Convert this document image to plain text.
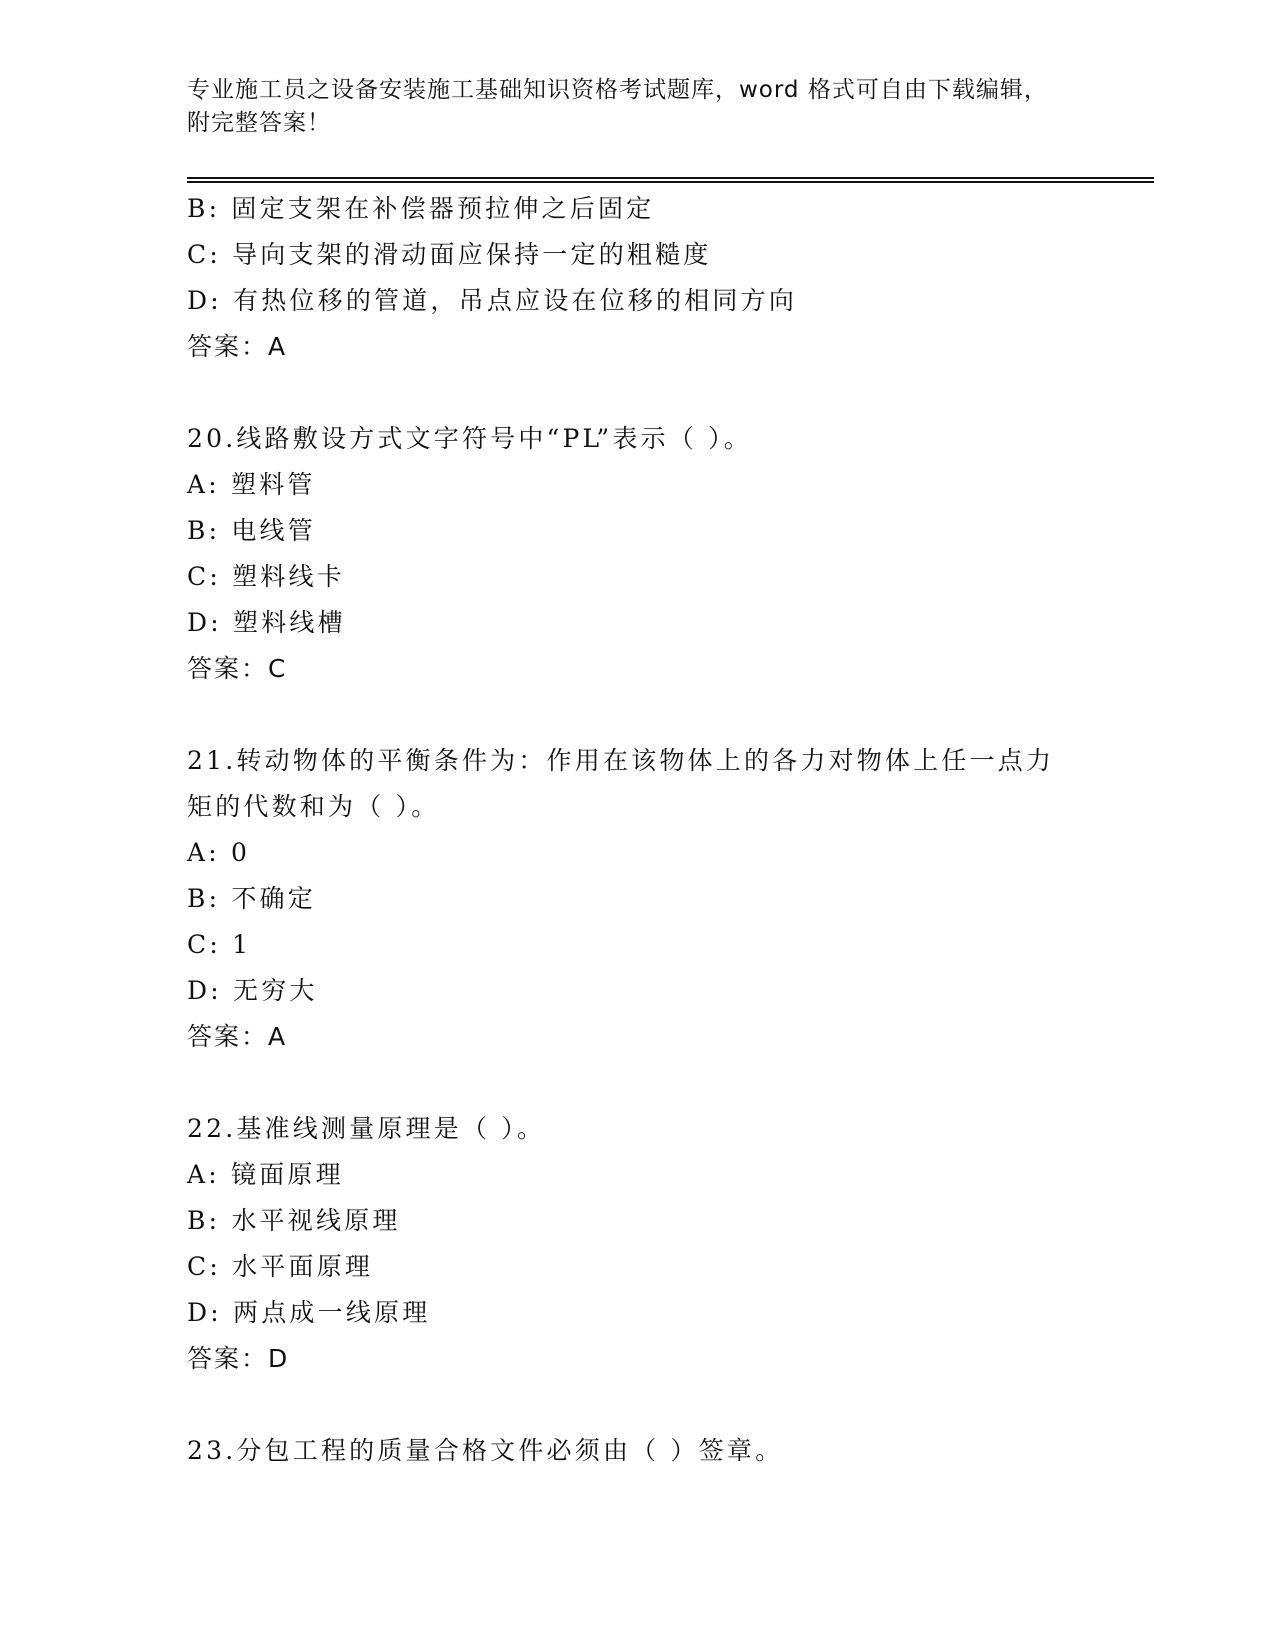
专业施工员之设备安装施工基础知识资格考试题库，word 格式可自由下载编辑，
附完整答案！
B: 固定支架在补偿器预拉伸之后固定
C: 导向支架的滑动面应保持一定的粗糙度
D: 有热位移的管道，吊点应设在位移的相同方向
答案：A
20.线路敷设方式文字符号中“PL”表示（ ）。
A: 塑料管
B: 电线管
C: 塑料线卡
D: 塑料线槽
答案：C
21.转动物体的平衡条件为：作用在该物体上的各力对物体上任一点力
矩的代数和为（ ）。
A: 0
B: 不确定
C: 1
D: 无穷大
答案：A
22.基准线测量原理是（ ）。
A: 镜面原理
B: 水平视线原理
C: 水平面原理
D: 两点成一线原理
答案：D
23.分包工程的质量合格文件必须由（ ）签章。
